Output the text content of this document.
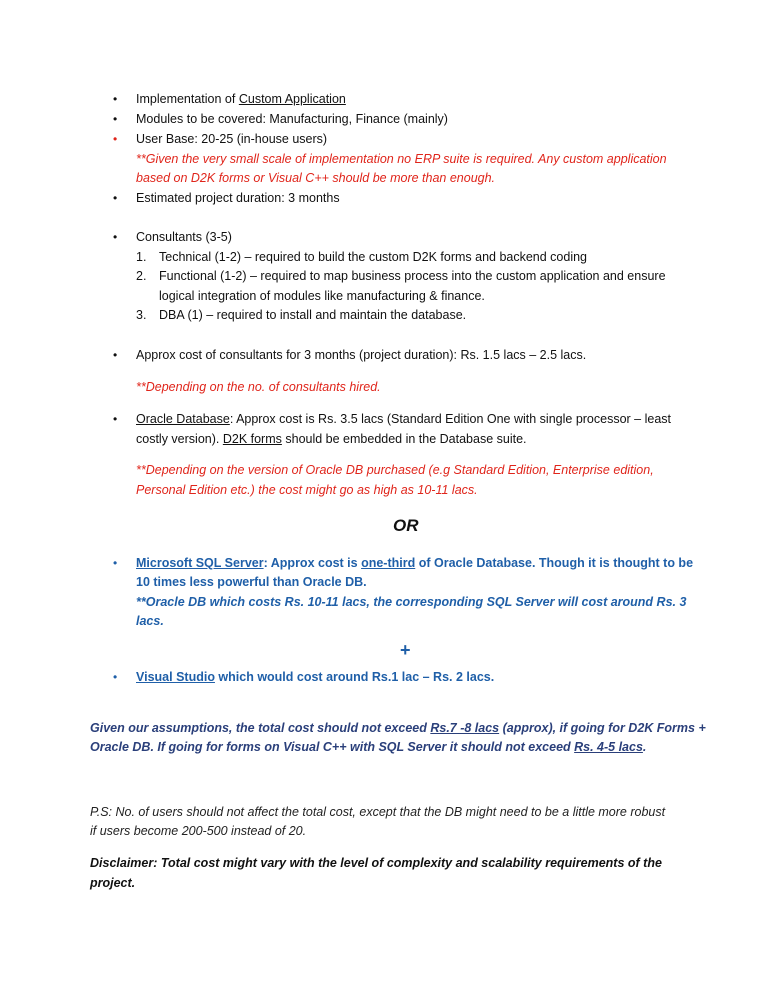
• Implementation of Custom Application
• Modules to be covered: Manufacturing, Finance (mainly)
• User Base: 20-25 (in-house users)
**Given the very small scale of implementation no ERP suite is required. Any custom application
based on D2K forms or Visual C++ should be more than enough.
• Estimated project duration: 3 months
• Consultants (3-5)
1. Technical (1-2) – required to build the custom D2K forms and backend coding
2. Functional (1-2) – required to map business process into the custom application and ensure
logical integration of modules like manufacturing & finance.
3. DBA (1) – required to install and maintain the database.
• Approx cost of consultants for 3 months (project duration): Rs. 1.5 lacs – 2.5 lacs.
**Depending on the no. of consultants hired.
• Oracle Database: Approx cost is Rs. 3.5 lacs (Standard Edition One with single processor – least
costly version). D2K forms should be embedded in the Database suite.
**Depending on the version of Oracle DB purchased (e.g Standard Edition, Enterprise edition,
Personal Edition etc.) the cost might go as high as 10-11 lacs.
OR
• Microsoft SQL Server: Approx cost is one-third of Oracle Database. Though it is thought to be
10 times less powerful than Oracle DB.
**Oracle DB which costs Rs. 10-11 lacs, the corresponding SQL Server will cost around Rs. 3
lacs.
+
• Visual Studio which would cost around Rs.1 lac – Rs. 2 lacs.
Given our assumptions, the total cost should not exceed Rs.7 -8 lacs (approx), if going for D2K Forms +
Oracle DB. If going for forms on Visual C++ with SQL Server it should not exceed Rs. 4-5 lacs.
P.S: No. of users should not affect the total cost, except that the DB might need to be a little more robust
if users become 200-500 instead of 20.
Disclaimer: Total cost might vary with the level of complexity and scalability requirements of the
project.
